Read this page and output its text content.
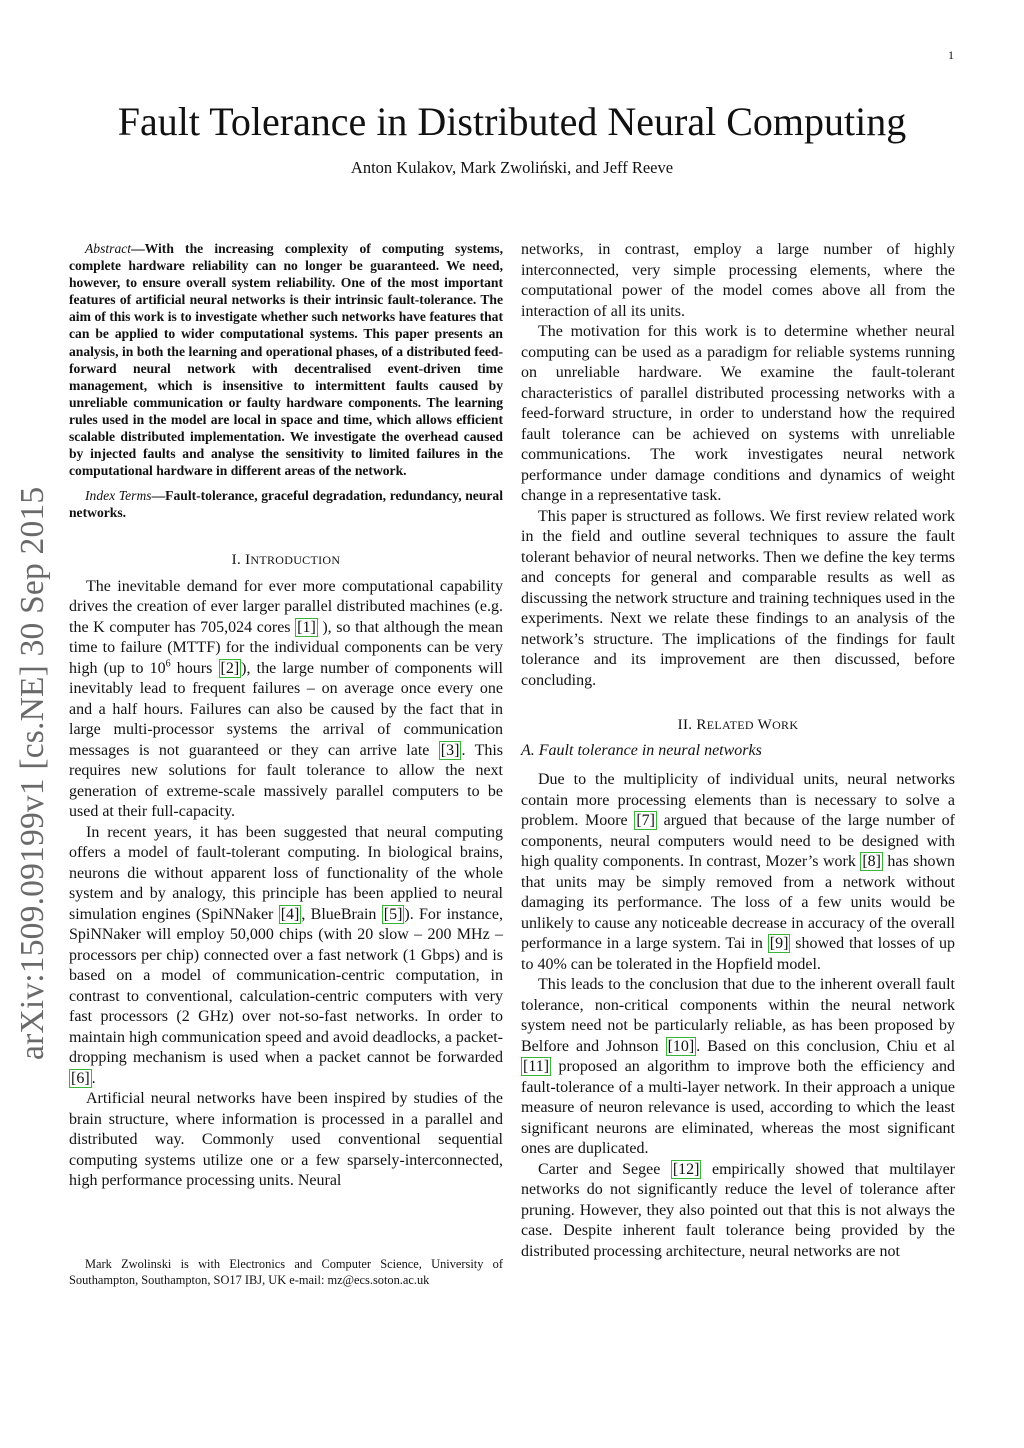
1
arXiv:1509.09199v1 [cs.NE] 30 Sep 2015
Fault Tolerance in Distributed Neural Computing
Anton Kulakov, Mark Zwoliński, and Jeff Reeve

Abstract—With the increasing complexity of computing systems, complete hardware reliability can no longer be guaranteed. We need, however, to ensure overall system reliability. One of the most important features of artificial neural networks is their intrinsic fault-tolerance. The aim of this work is to investigate whether such networks have features that can be applied to wider computational systems. This paper presents an analysis, in both the learning and operational phases, of a distributed feed-forward neural network with decentralised event-driven time management, which is insensitive to intermittent faults caused by unreliable communication or faulty hardware components. The learning rules used in the model are local in space and time, which allows efficient scalable distributed implementation. We investigate the overhead caused by injected faults and analyse the sensitivity to limited failures in the computational hardware in different areas of the network.

Index Terms—Fault-tolerance, graceful degradation, redundancy, neural networks.

I. INTRODUCTION

The inevitable demand for ever more computational capability drives the creation of ever larger parallel distributed machines (e.g. the K computer has 705,024 cores [1] ), so that although the mean time to failure (MTTF) for the individual components can be very high (up to $10^6$ hours [2] ), the large number of components will inevitably lead to frequent failures – on average once every one and a half hours. Failures can also be caused by the fact that in large multi-processor systems the arrival of communication messages is not guaranteed or they can arrive late [3] . This requires new solutions for fault tolerance to allow the next generation of extreme-scale massively parallel computers to be used at their full-capacity.

In recent years, it has been suggested that neural computing offers a model of fault-tolerant computing. In biological brains, neurons die without apparent loss of functionality of the whole system and by analogy, this principle has been applied to neural simulation engines (SpiNNaker [4] , BlueBrain [5] ). For instance, SpiNNaker will employ 50,000 chips (with 20 slow – 200 MHz – processors per chip) connected over a fast network (1 Gbps) and is based on a model of communication-centric computation, in contrast to conventional, calculation-centric computers with very fast processors (2 GHz) over not-so-fast networks. In order to maintain high communication speed and avoid deadlocks, a packet-dropping mechanism is used when a packet cannot be forwarded [6] .

Artificial neural networks have been inspired by studies of the brain structure, where information is processed in a parallel and distributed way. Commonly used conventional sequential computing systems utilize one or a few sparsely-interconnected, high performance processing units. Neural

Mark Zwolinski is with Electronics and Computer Science, University of Southampton, Southampton, SO17 IBJ, UK e-mail: mz@ecs.soton.ac.uk

networks, in contrast, employ a large number of highly interconnected, very simple processing elements, where the computational power of the model comes above all from the interaction of all its units.

The motivation for this work is to determine whether neural computing can be used as a paradigm for reliable systems running on unreliable hardware. We examine the fault-tolerant characteristics of parallel distributed processing networks with a feed-forward structure, in order to understand how the required fault tolerance can be achieved on systems with unreliable communications. The work investigates neural network performance under damage conditions and dynamics of weight change in a representative task.

This paper is structured as follows. We first review related work in the field and outline several techniques to assure the fault tolerant behavior of neural networks. Then we define the key terms and concepts for general and comparable results as well as discussing the network structure and training techniques used in the experiments. Next we relate these findings to an analysis of the network’s structure. The implications of the findings for fault tolerance and its improvement are then discussed, before concluding.

II. RELATED WORK
A. Fault tolerance in neural networks

Due to the multiplicity of individual units, neural networks contain more processing elements than is necessary to solve a problem. Moore [7] argued that because of the large number of components, neural computers would need to be designed with high quality components. In contrast, Mozer’s work [8] has shown that units may be simply removed from a network without damaging its performance. The loss of a few units would be unlikely to cause any noticeable decrease in accuracy of the overall performance in a large system. Tai in [9] showed that losses of up to 40% can be tolerated in the Hopfield model.

This leads to the conclusion that due to the inherent overall fault tolerance, non-critical components within the neural network system need not be particularly reliable, as has been proposed by Belfore and Johnson [10] . Based on this conclusion, Chiu et al [11] proposed an algorithm to improve both the efficiency and fault-tolerance of a multi-layer network. In their approach a unique measure of neuron relevance is used, according to which the least significant neurons are eliminated, whereas the most significant ones are duplicated.

Carter and Segee [12] empirically showed that multilayer networks do not significantly reduce the level of tolerance after pruning. However, they also pointed out that this is not always the case. Despite inherent fault tolerance being provided by the distributed processing architecture, neural networks are not
